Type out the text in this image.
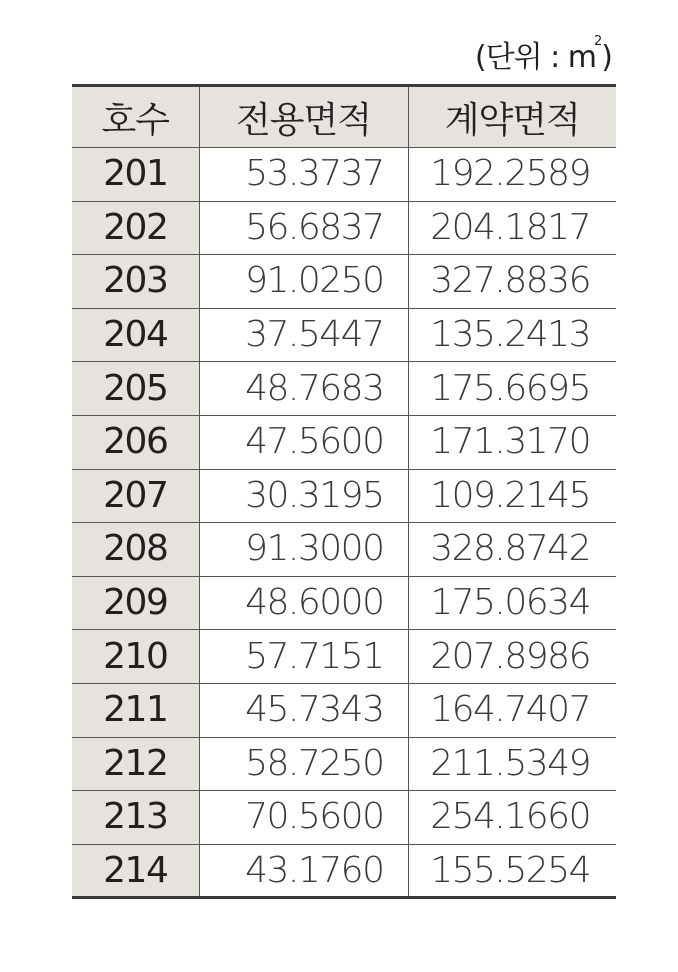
(단위 : $m^2$)
호수	전용면적	계약면적
201	53.3737	192.2589
202	56.6837	204.1817
203	91.0250	327.8836
204	37.5447	135.2413
205	48.7683	175.6695
206	47.5600	171.3170
207	30.3195	109.2145
208	91.3000	328.8742
209	48.6000	175.0634
210	57.7151	207.8986
211	45.7343	164.7407
212	58.7250	211.5349
213	70.5600	254.1660
214	43.1760	155.5254
